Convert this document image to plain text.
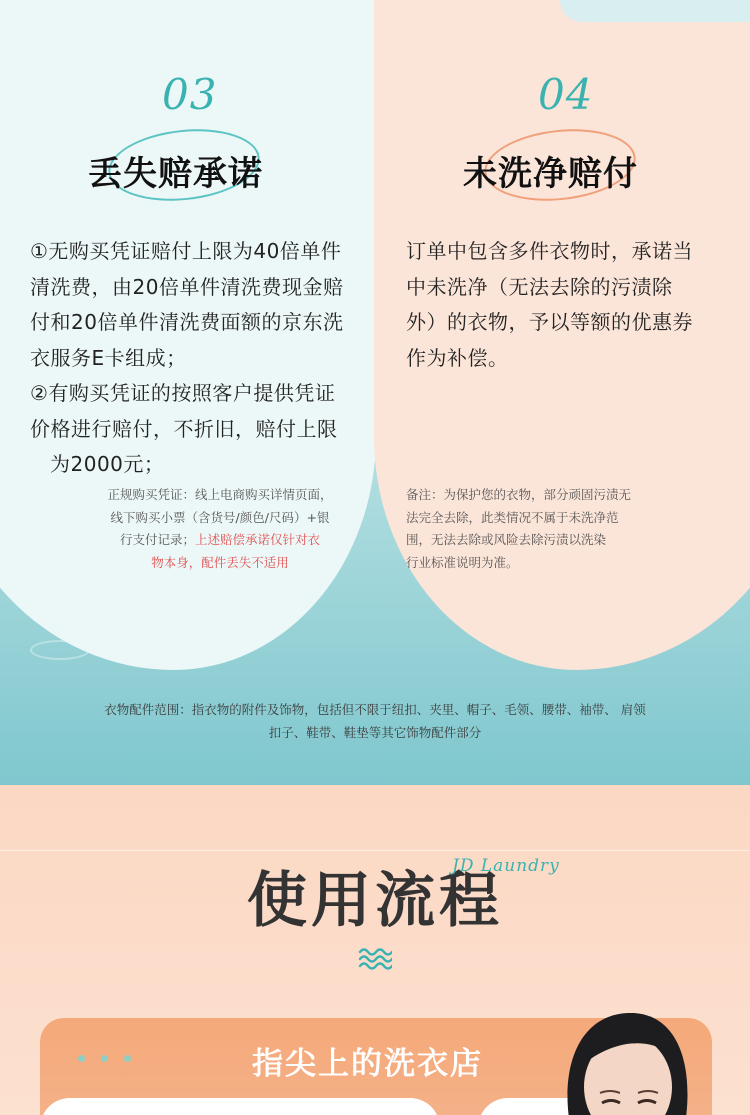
03
丢失赔承诺
①无购买凭证赔付上限为40倍单件
清洗费，由20倍单件清洗费现金赔
付和20倍单件清洗费面额的京东洗
衣服务E卡组成；
②有购买凭证的按照客户提供凭证
价格进行赔付，不折旧，赔付上限
为2000元；
正规购买凭证：线上电商购买详情页面，
线下购买小票（含货号/颜色/尺码）+银
行支付记录；上述赔偿承诺仅针对衣
物本身，配件丢失不适用
04
未洗净赔付
订单中包含多件衣物时，承诺当
中未洗净（无法去除的污渍除
外）的衣物，予以等额的优惠券
作为补偿。
备注：为保护您的衣物，部分顽固污渍无
法完全去除，此类情况不属于未洗净范
围，无法去除或风险去除污渍以洗染
行业标准说明为准。
衣物配件范围：指衣物的附件及饰物，包括但不限于纽扣、夹里、帽子、毛领、腰带、袖带、 肩领
扣子、鞋带、鞋垫等其它饰物配件部分
使用流程
JD Laundry
指尖上的洗衣店
